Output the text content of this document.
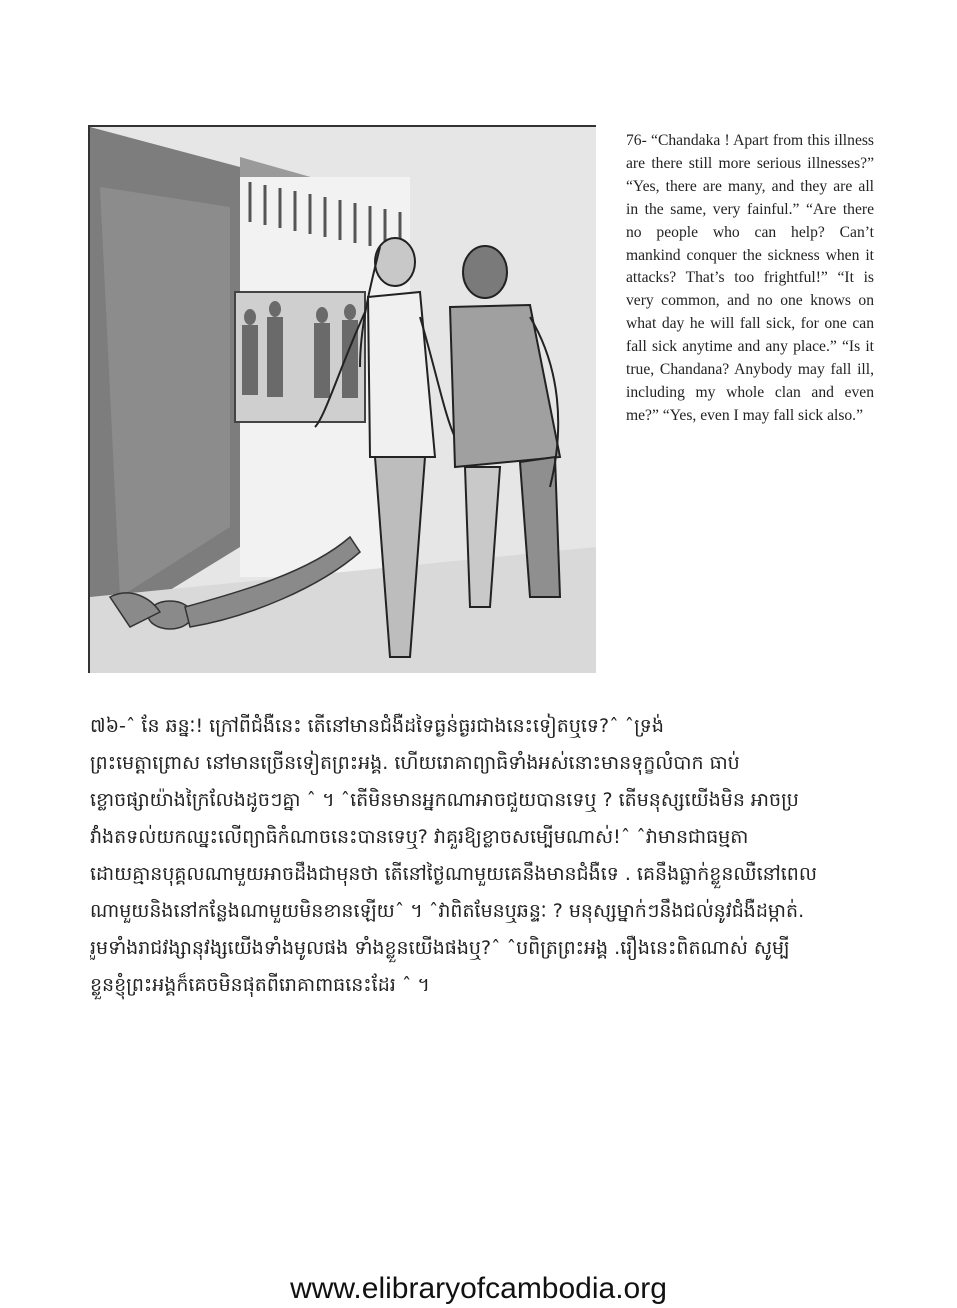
76- “Chandaka ! Apart from this illness are there still more serious illnesses?” “Yes, there are many, and they are all in the same, very fainful.” “Are there no people who can help? Can’t mankind conquer the sickness when it attacks? That’s too frightful!” “It is very common, and no one knows on what day he will fall sick, for one can fall sick anytime and any place.” “Is it true, Chandana? Anybody may fall ill, including my whole clan and even me?” “Yes, even I may fall sick also.”

៧៦-ˆ នែ ឆន្នៈ! ក្រៅពីជំងឺនេះ តើនៅមានជំងឺដទៃធ្ងន់ធ្ងរជាងនេះទៀតឬទេ?ˆ ˆទ្រង់

ព្រះមេត្តាព្រោស នៅមានច្រើនទៀតព្រះអង្គ. ហើយរោគាព្យាធិទាំងអស់នោះមានទុក្ខលំបាក ធាប់

ខ្លោចផ្សាយ៉ាងក្រៃលែងដូចៗគ្នា ˆ ។ ˆតើមិនមានអ្នកណាអាចជួយបានទេឬ ? តើមនុស្សយើងមិន អាចប្រ

វាំងតទល់យកឈ្នះលើព្យាធិកំណាចនេះបានទេឬ? វាគួរឱ្យខ្លាចសម្បើមណាស់!ˆ ˆវាមានជាធម្មតា

ដោយគ្មានបុគ្គលណាមួយអាចដឹងជាមុនថា តើនៅថ្ងៃណាមួយគេនឹងមានជំងឺទេ . គេនឹងធ្លាក់ខ្លួនឈឺនៅពេល

ណាមួយនិងនៅកន្លែងណាមួយមិនខានឡើយˆ ។ ˆវាពិតមែនឬឆន្ទៈ ? មនុស្សម្នាក់ៗនឹងជល់នូវជំងឺដម្កាត់.

រួមទាំងរាជវង្សានុវង្សយើងទាំងមូលផង ទាំងខ្លួនយើងផងឬ?ˆ ˆបពិត្រព្រះអង្គ .រឿងនេះពិតណាស់ សូម្បី

ខ្លួនខ្ញុំព្រះអង្គក៏គេចមិនផុតពីរោគាពាធនេះដែរ ˆ ។

www.elibraryofcambodia.org
